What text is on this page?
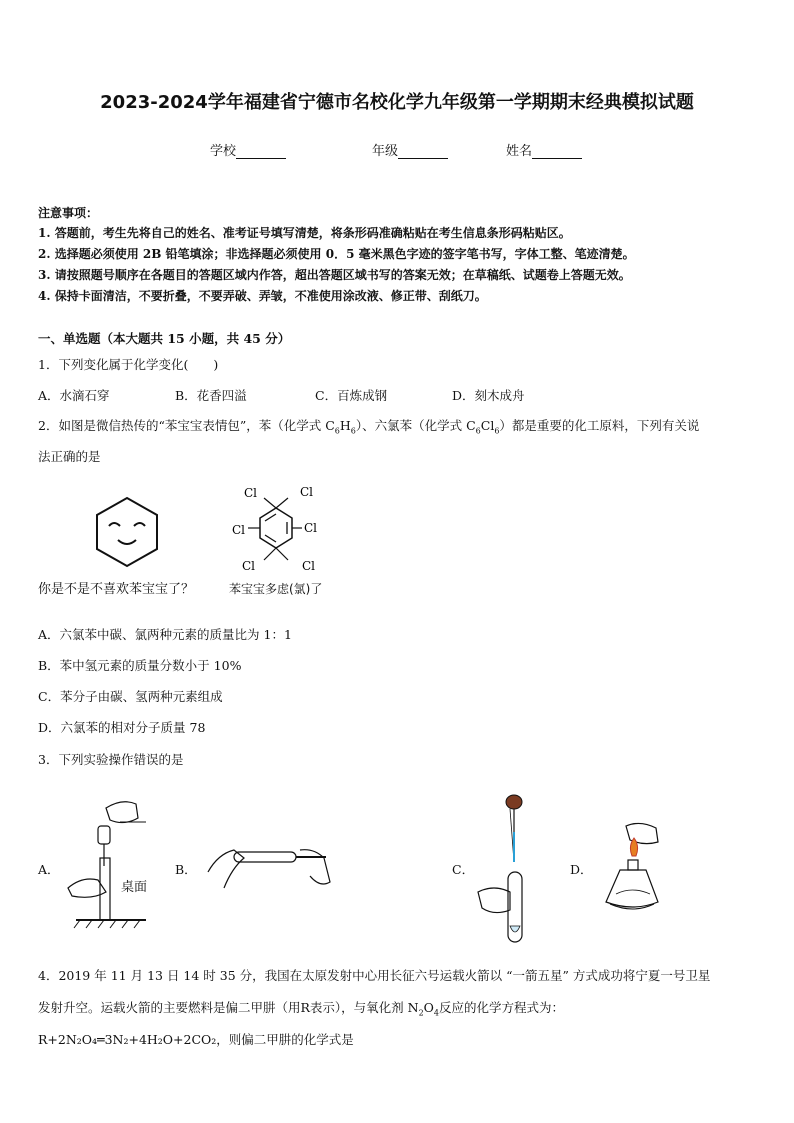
2023-2024学年福建省宁德市名校化学九年级第一学期期末经典模拟试题
学校	年级	姓名
注意事项：
1. 答题前，考生先将自己的姓名、准考证号填写清楚，将条形码准确粘贴在考生信息条形码粘贴区。
2. 选择题必须使用 2B 铅笔填涂；非选择题必须使用 0．5 毫米黑色字迹的签字笔书写，字体工整、笔迹清楚。
3. 请按照题号顺序在各题目的答题区域内作答，超出答题区域书写的答案无效；在草稿纸、试题卷上答题无效。
4. 保持卡面清洁，不要折叠，不要弄破、弄皱，不准使用涂改液、修正带、刮纸刀。
一、单选题（本大题共 15 小题，共 45 分）
1．下列变化属于化学变化(　　)
A．水滴石穿	B．花香四溢	C．百炼成钢	D．刻木成舟
2．如图是微信热传的“苯宝宝表情包”，苯（化学式 $C_6H_6$）、六氯苯（化学式 $C_6Cl_6$）都是重要的化工原料，下列有关说
法正确的是
Cl	Cl
Cl
Cl
Cl	Cl
你是不是不喜欢苯宝宝了？	苯宝宝多虑(氯)了
A．六氯苯中碳、氯两种元素的质量比为 1：1
B．苯中氢元素的质量分数小于 10%
C．苯分子由碳、氢两种元素组成
D．六氯苯的相对分子质量 78
3．下列实验操作错误的是
A．	B．	C．	D．
桌面
4．2019 年 11 月 13 日 14 时 35 分，我国在太原发射中心用长征六号运载火箭以 “一箭五星” 方式成功将宁夏一号卫星
发射升空。运载火箭的主要燃料是偏二甲肼（用R表示），与氧化剂 $N_2O_4$反应的化学方程式为：
R+2N₂O₄═3N₂+4H₂O+2CO₂，则偏二甲肼的化学式是
